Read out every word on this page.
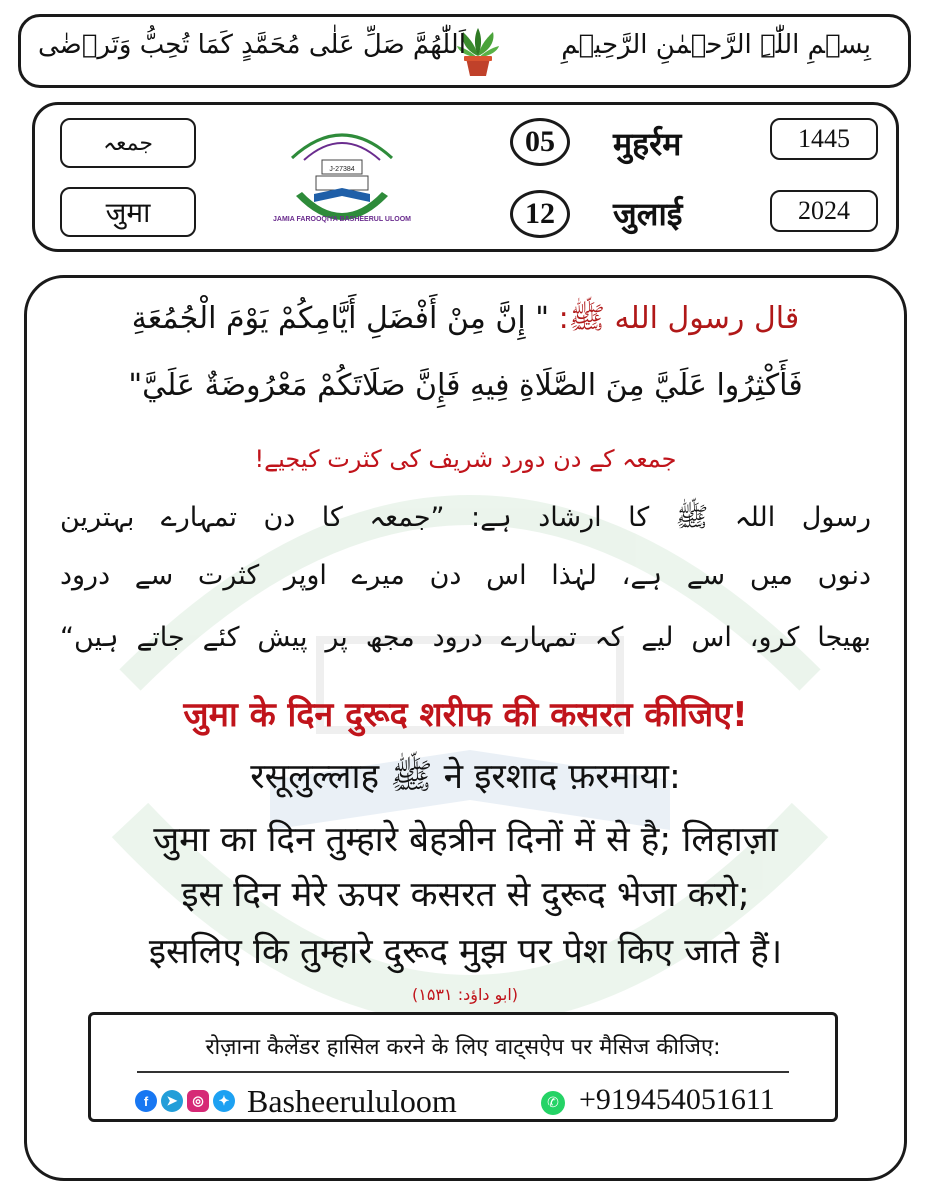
بِسۡمِ اللّٰہِ الرَّحۡمٰنِ الرَّحِیۡمِ
اَللّٰهُمَّ صَلِّ عَلٰی مُحَمَّدٍ کَمَا تُحِبُّ وَتَرۡضٰی
جمعہ
जुमा	JAMIA FAROOQIYA BASHEERUL ULOOM
J-27384
05	मुहर्रम	1445
12	जुलाई	2024
قال رسول الله ﷺ: " إِنَّ مِنْ أَفْضَلِ أَيَّامِكُمْ يَوْمَ الْجُمُعَةِ
فَأَكْثِرُوا عَلَيَّ مِنَ الصَّلَاةِ فِيهِ فَإِنَّ صَلَاتَكُمْ مَعْرُوضَةٌ عَلَيَّ"
جمعہ کے دن دورد شریف کی کثرت کیجیے!
رسول اللہ ﷺ کا ارشاد ہے: ”جمعہ کا دن تمہارے بہترین
دنوں میں سے ہے، لہٰذا اس دن میرے اوپر کثرت سے درود
بھیجا کرو، اس لیے کہ تمہارے درود مجھ پر پیش کئے جاتے ہیں“
जुमा के दिन दुरूद शरीफ की कसरत कीजिए!
रसूलुल्लाह ﷺ ने इरशाद फ़रमाया:
जुमा का दिन तुम्हारे बेहत्रीन दिनों में से है; लिहाज़ा
इस दिन मेरे ऊपर कसरत से दुरूद भेजा करो;
इसलिए कि तुम्हारे दुरूद मुझ पर पेश किए जाते हैं।
(ابو داؤد: ۱۵۳۱)
रोज़ाना कैलेंडर हासिल करने के लिए वाट्सऐप पर मैसिज कीजिए:
f	➤	◎	✦ Basheerululoom	✆ +919454051611
